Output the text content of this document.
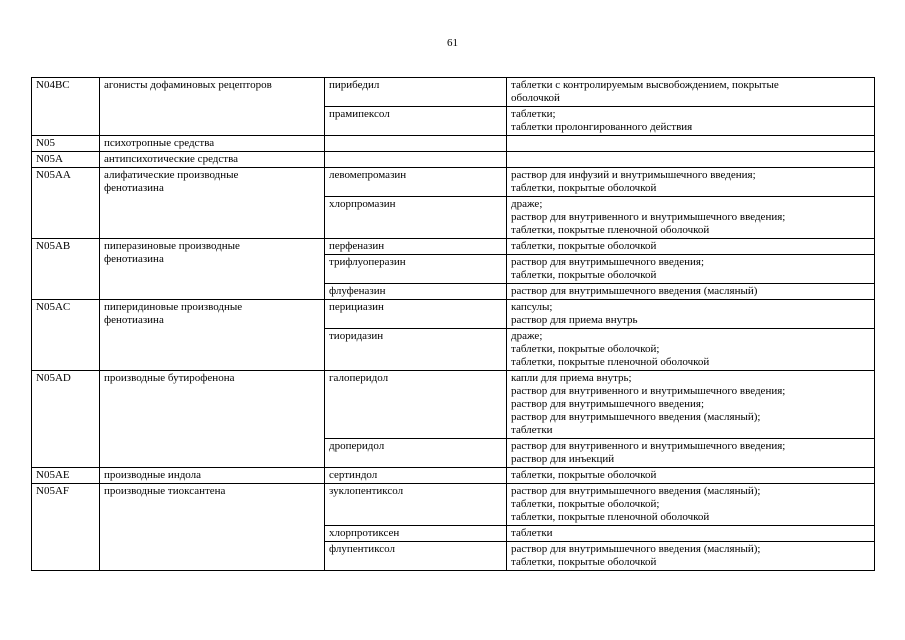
61
N04BC	агонисты дофаминовых рецепторов	пирибедил	таблетки с контролируемым высвобождением, покрытые
оболочкой

		прамипексол	таблетки;
таблетки пролонгированного действия

N05	психотропные средства		

N05A	антипсихотические средства		

N05AA	алифатические производные
фенотиазина	левомепромазин	раствор для инфузий и внутримышечного введения;
таблетки, покрытые оболочкой

		хлорпромазин	драже;
раствор для внутривенного и внутримышечного введения;
таблетки, покрытые пленочной оболочкой

N05AB	пиперазиновые производные
фенотиазина	перфеназин	таблетки, покрытые оболочкой

		трифлуоперазин	раствор для внутримышечного введения;
таблетки, покрытые оболочкой

		флуфеназин	раствор для внутримышечного введения (масляный)

N05AC	пиперидиновые производные
фенотиазина	перициазин	капсулы;
раствор для приема внутрь

		тиоридазин	драже;
таблетки, покрытые оболочкой;
таблетки, покрытые пленочной оболочкой

N05AD	производные бутирофенона	галоперидол	капли для приема внутрь;
раствор для внутривенного и внутримышечного введения;
раствор для внутримышечного введения;
раствор для внутримышечного введения (масляный);
таблетки

		дроперидол	раствор для внутривенного и внутримышечного введения;
раствор для инъекций

N05AE	производные индола	сертиндол	таблетки, покрытые оболочкой

N05AF	производные тиоксантена	зуклопентиксол	раствор для внутримышечного введения (масляный);
таблетки, покрытые оболочкой;
таблетки, покрытые пленочной оболочкой

		хлорпротиксен	таблетки

		флупентиксол	раствор для внутримышечного введения (масляный);
таблетки, покрытые оболочкой
